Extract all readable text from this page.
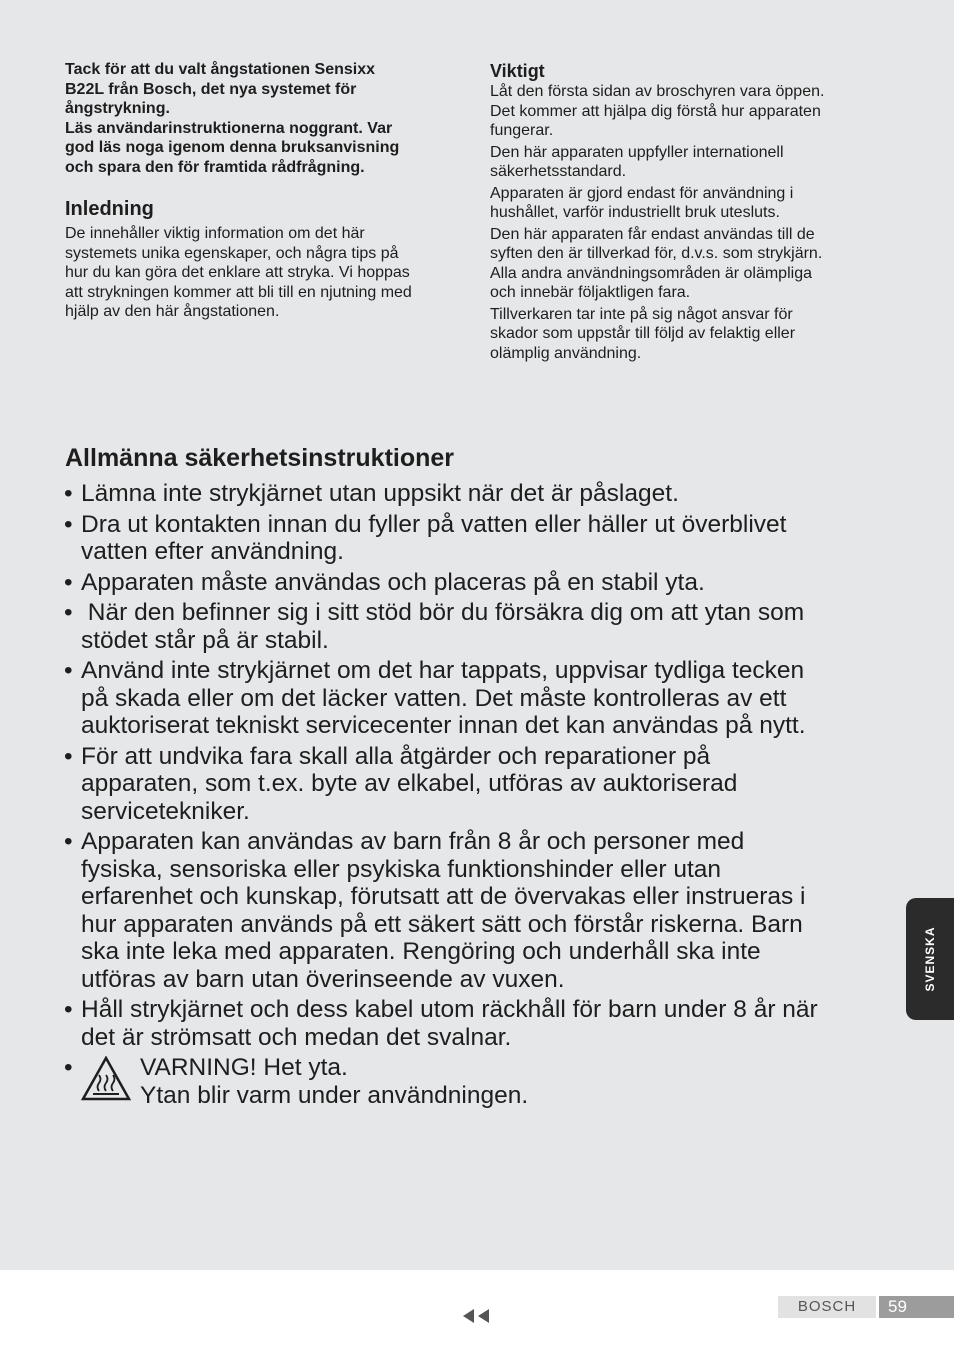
Tack för att du valt ångstationen Sensixx

B22L från Bosch, det nya systemet för

ångstrykning.

Läs användarinstruktionerna noggrant. Var

god läs noga igenom denna bruksanvisning

och spara den för framtida rådfrågning.

Inledning

De innehåller viktig information om det här

systemets unika egenskaper, och några tips på

hur du kan göra det enklare att stryka. Vi hoppas

att strykningen kommer att bli till en njutning med

hjälp av den här ångstationen.

Viktigt

Låt den första sidan av broschyren vara öppen.

Det kommer att hjälpa dig förstå hur apparaten

fungerar.

Den här apparaten uppfyller internationell

säkerhetsstandard.

Apparaten är gjord endast för användning i

hushållet, varför industriellt bruk utesluts.

Den här apparaten får endast användas till de

syften den är tillverkad för, d.v.s. som strykjärn.

Alla andra användningsområden är olämpliga

och innebär följaktligen fara.

Tillverkaren tar inte på sig något ansvar för

skador som uppstår till följd av felaktig eller

olämplig användning.

Allmänna säkerhetsinstruktioner
• Lämna inte strykjärnet utan uppsikt när det är påslaget.
• Dra ut kontakten innan du fyller på vatten eller häller ut överblivet
vatten efter användning.
• Apparaten måste användas och placeras på en stabil yta.
• När den befinner sig i sitt stöd bör du försäkra dig om att ytan som
stödet står på är stabil.
• Använd inte strykjärnet om det har tappats, uppvisar tydliga tecken
på skada eller om det läcker vatten. Det måste kontrolleras av ett
auktoriserat tekniskt servicecenter innan det kan användas på nytt.
• För att undvika fara skall alla åtgärder och reparationer på
apparaten, som t.ex. byte av elkabel, utföras av auktoriserad
servicetekniker.
• Apparaten kan användas av barn från 8 år och personer med
fysiska, sensoriska eller psykiska funktionshinder eller utan
erfarenhet och kunskap, förutsatt att de övervakas eller instrueras i
hur apparaten används på ett säkert sätt och förstår riskerna. Barn
ska inte leka med apparaten. Rengöring och underhåll ska inte
utföras av barn utan överinseende av vuxen.
• Håll strykjärnet och dess kabel utom räckhåll för barn under 8 år när
det är strömsatt och medan det svalnar.
•	VARNING! Het yta.
Ytan blir varm under användningen.
SVENSKA
BOSCH	59
